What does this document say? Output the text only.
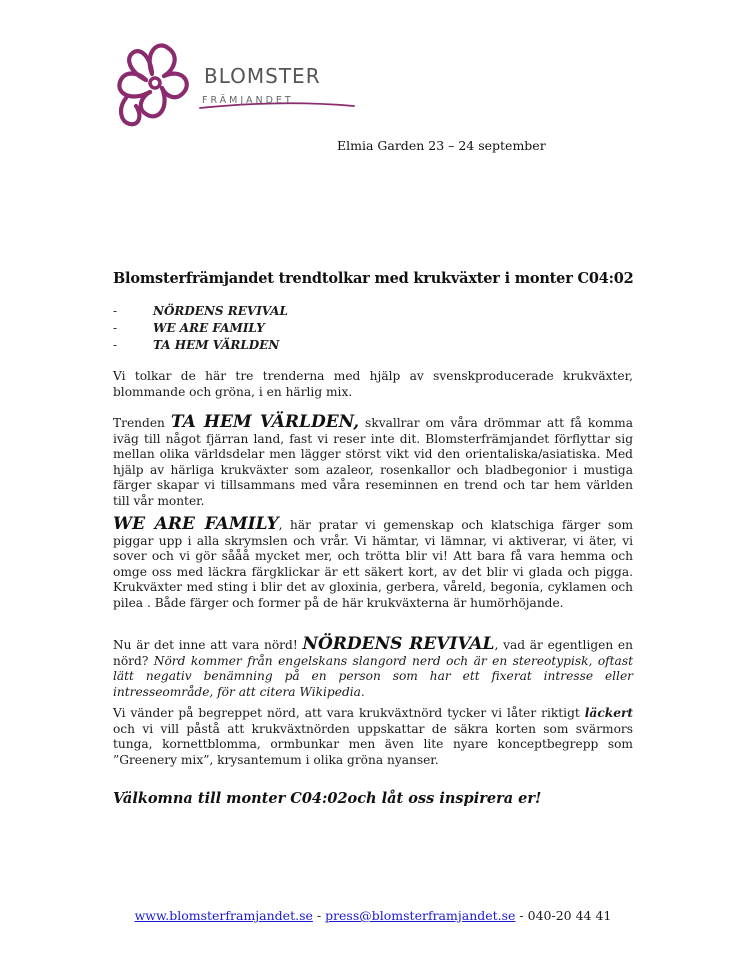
BLOMSTER
FRÄMJANDET
Elmia Garden 23 – 24 september
Blomsterfrämjandet trendtolkar med krukväxter i monter C04:02
-	NÖRDENS REVIVAL
-	WE ARE FAMILY
-	TA HEM VÄRLDEN

Vi tolkar de här tre trenderna med hjälp av svenskproducerade krukväxter, blommande och gröna, i en härlig mix.

Trenden TA HEM VÄRLDEN, skvallrar om våra drömmar att få komma iväg till något fjärran land, fast vi reser inte dit. Blomsterfrämjandet förflyttar sig mellan olika världsdelar men lägger störst vikt vid den orientaliska/asiatiska. Med hjälp av härliga krukväxter som azaleor, rosenkallor och bladbegonior i mustiga färger skapar vi tillsammans med våra reseminnen en trend och tar hem världen till vår monter.

WE ARE FAMILY, här pratar vi gemenskap och klatschiga färger som piggar upp i alla skrymslen och vrår. Vi hämtar, vi lämnar, vi aktiverar, vi äter, vi sover och vi gör sååå mycket mer, och trötta blir vi! Att bara få vara hemma och omge oss med läckra färgklickar är ett säkert kort, av det blir vi glada och pigga. Krukväxter med sting i blir det av gloxinia, gerbera, våreld, begonia, cyklamen och pilea . Både färger och former på de här krukväxterna är humörhöjande.

Nu är det inne att vara nörd! NÖRDENS REVIVAL, vad är egentligen en nörd? Nörd kommer från engelskans slangord nerd och är en stereotypisk, oftast lätt negativ benämning på en person som har ett fixerat intresse eller intresseområde, för att citera Wikipedia.

Vi vänder på begreppet nörd, att vara krukväxtnörd tycker vi låter riktigt läckert och vi vill påstå att krukväxtnörden uppskattar de säkra korten som svärmors tunga, kornettblomma, ormbunkar men även lite nyare konceptbegrepp som ”Greenery mix”, krysantemum i olika gröna nyanser.

Välkomna till monter C04:02och låt oss inspirera er!
www.blomsterframjandet.se - press@blomsterframjandet.se - 040-20 44 41
